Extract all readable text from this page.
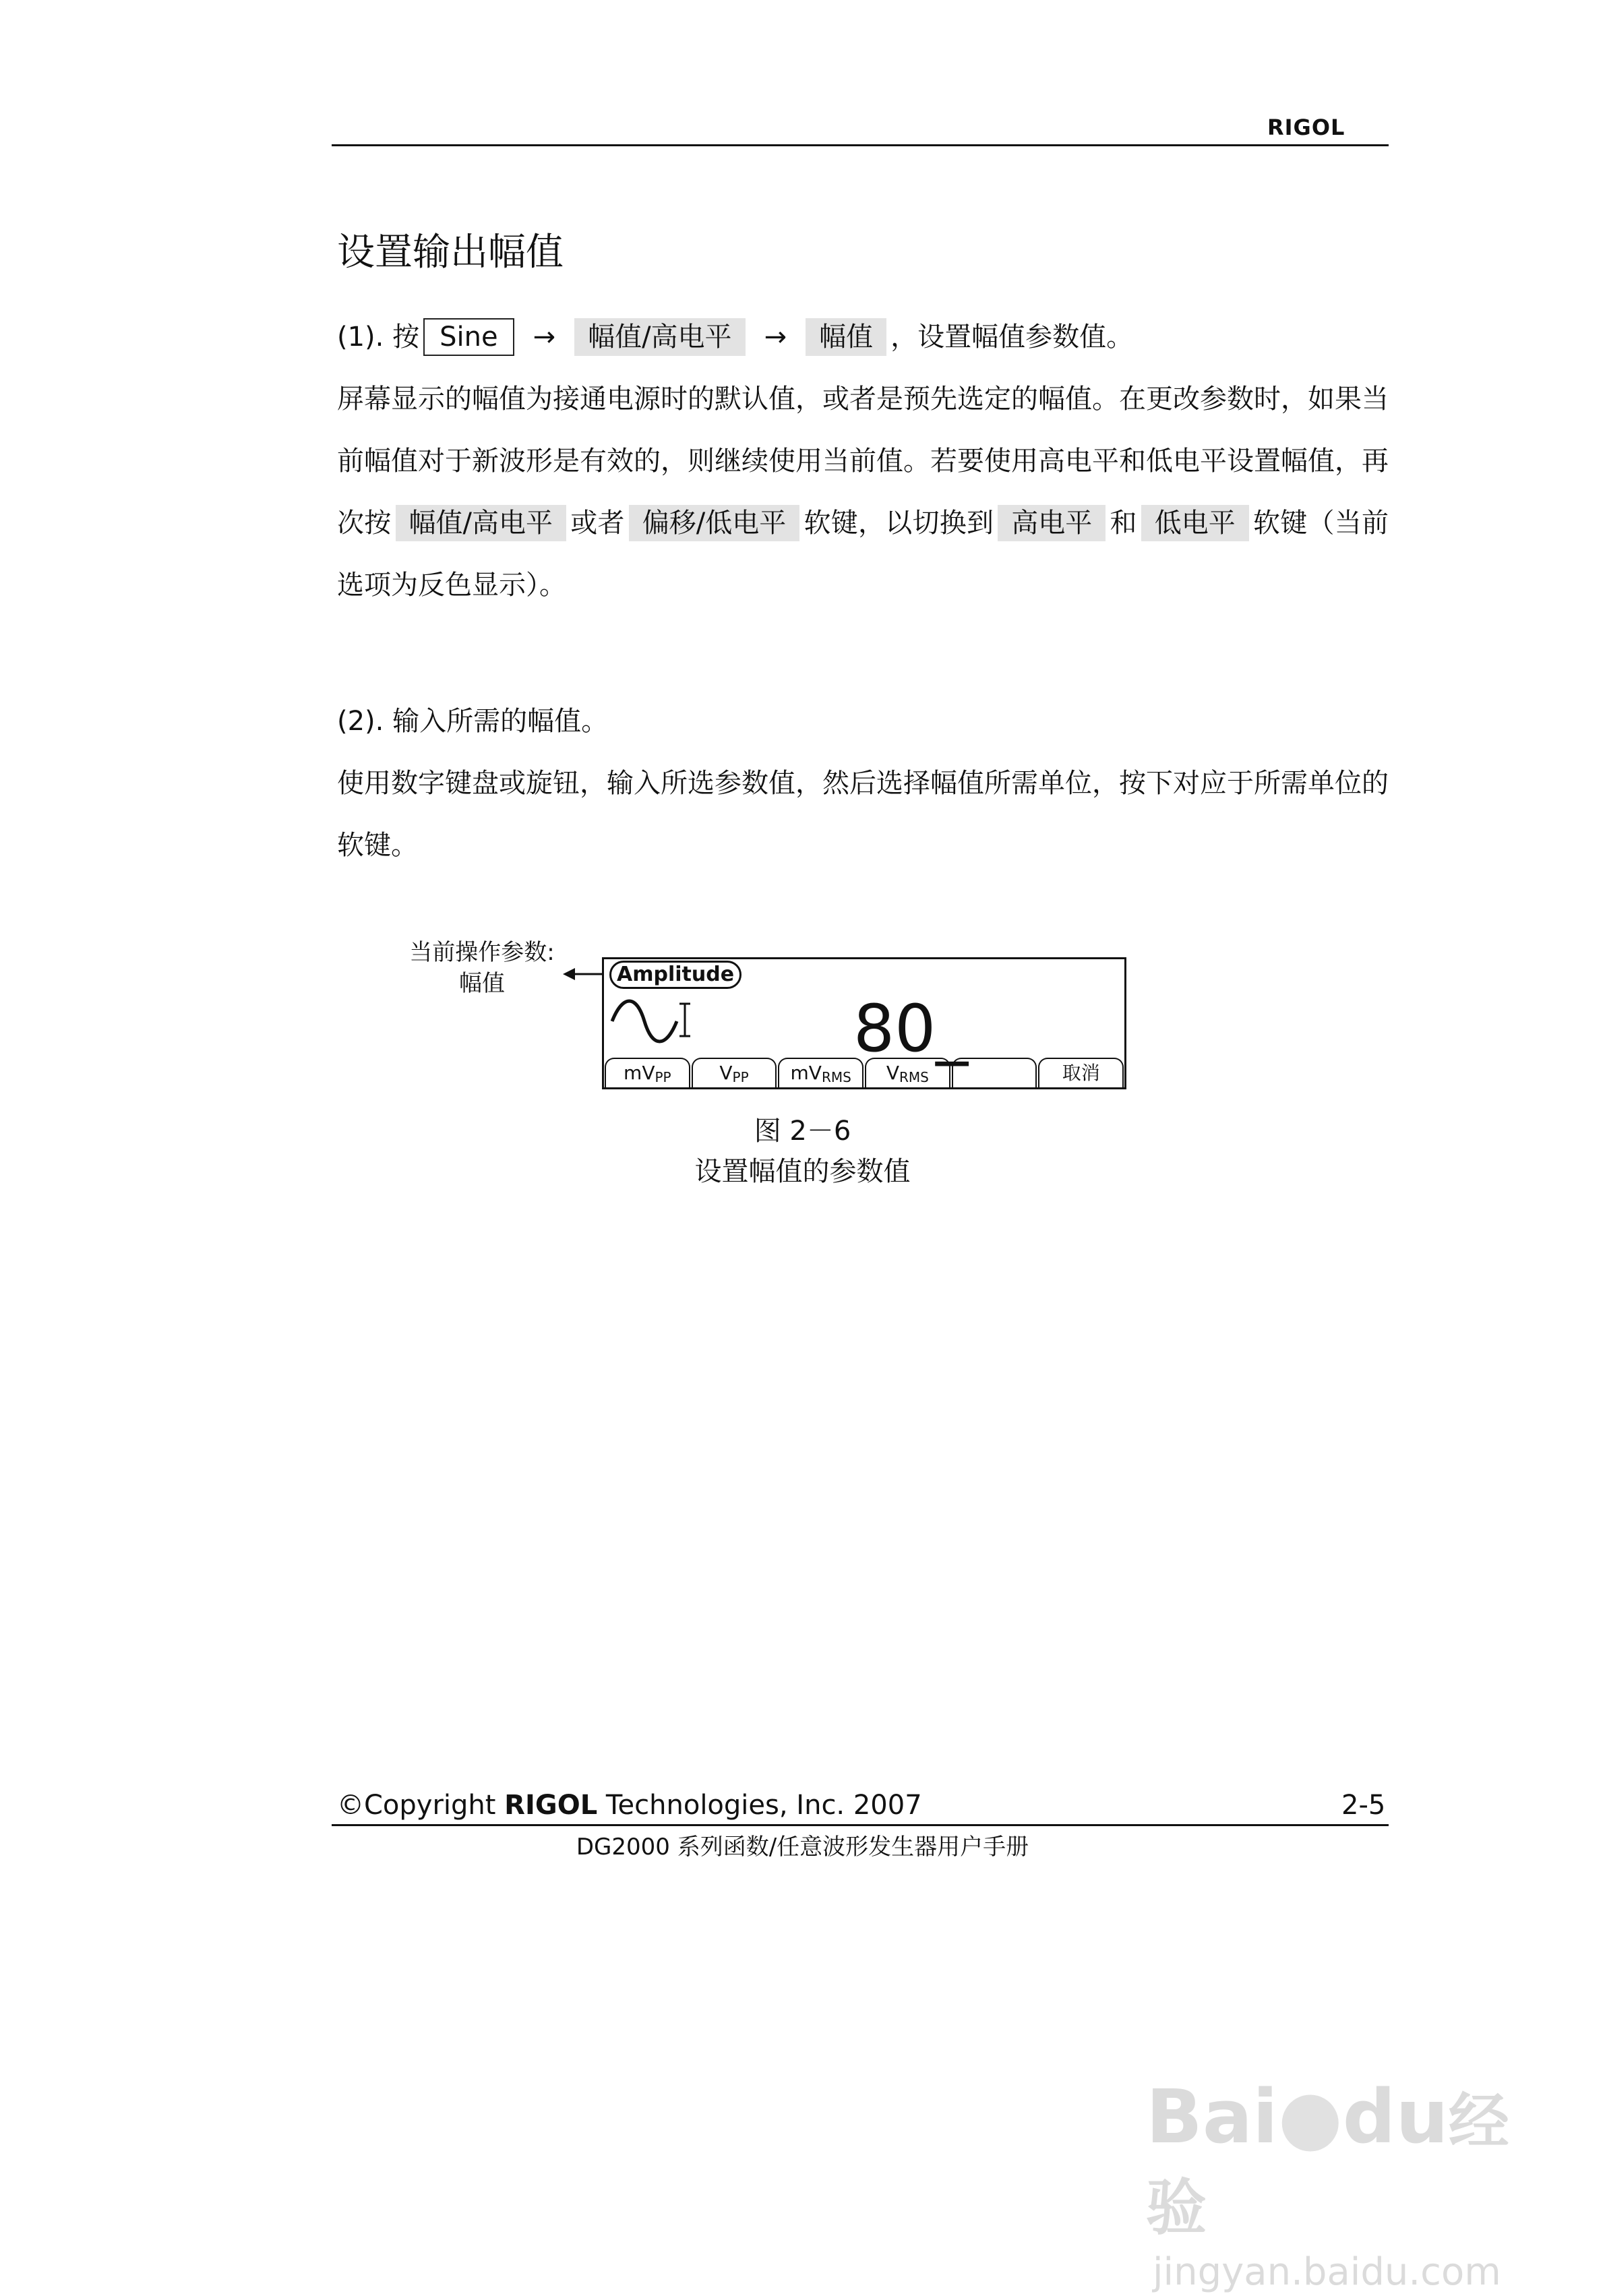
RIGOL
设置输出幅值
(1). 按 Sine → 幅值/高电平 → 幅值 ，设置幅值参数值。
屏幕显示的幅值为接通电源时的默认值，或者是预先选定的幅值。在更改参数时，如果当前幅值对于新波形是有效的，则继续使用当前值。若要使用高电平和低电平设置幅值，再次按 幅值/高电平 或者 偏移/低电平 软键，以切换到 高电平 和 低电平 软键（当前选项为反色显示）。
(2). 输入所需的幅值。
使用数字键盘或旋钮，输入所选参数值，然后选择幅值所需单位，按下对应于所需单位的软键。
当前操作参数:
幅值	Amplitude
80_
$mV_{PP}$	$V_{PP}$	$mV_{RMS}$	$V_{RMS}$	取消
图 2－6
设置幅值的参数值
©Copyright RIGOL Technologies, Inc. 2007	2-5
DG2000 系列函数/任意波形发生器用户手册
Bai●du经验
jingyan.baidu.com
